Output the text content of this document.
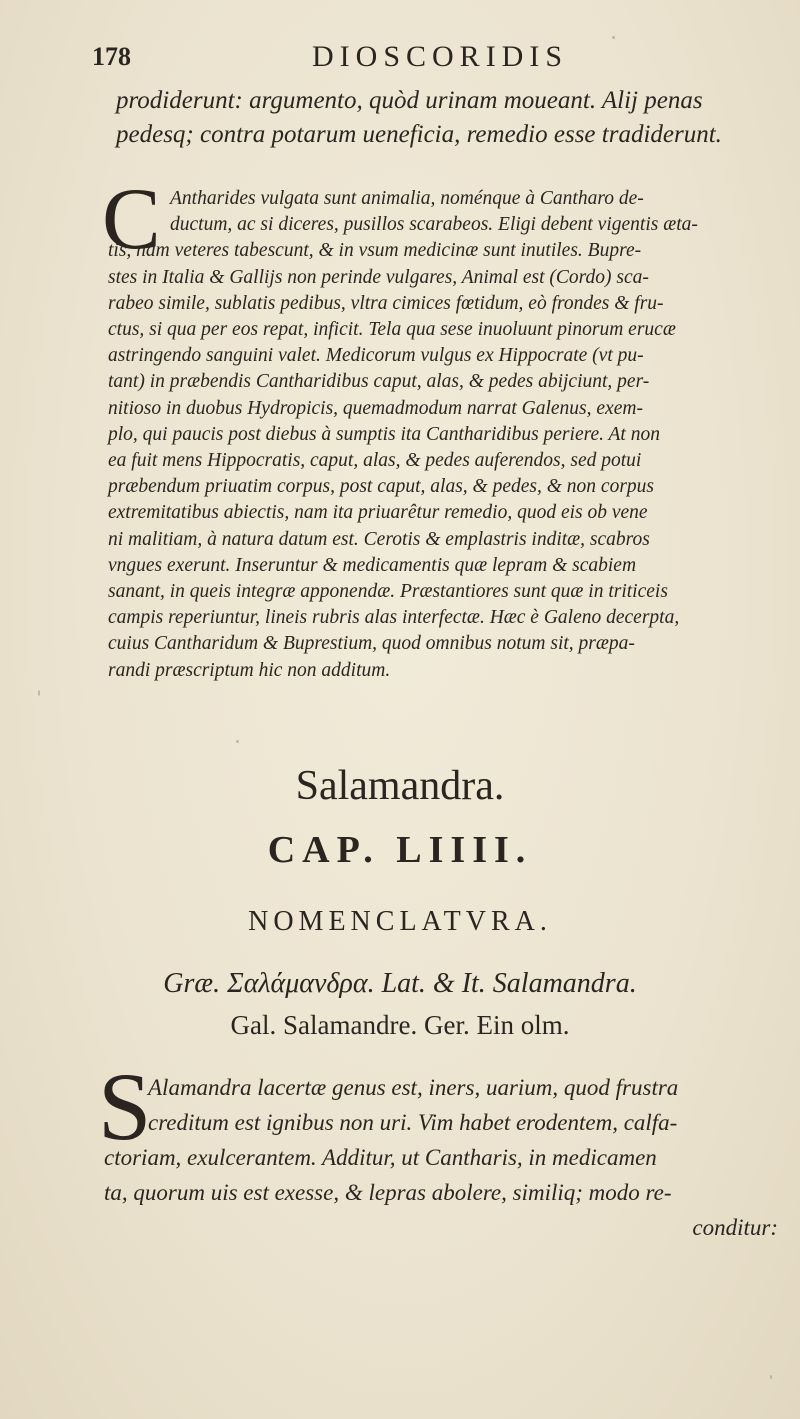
178	DIOSCORIDIS
prodiderunt: argumento, quòd urinam moueant. Alij penas
pedesq; contra potarum ueneficia, remedio esse tradiderunt.
C Antharides vulgata sunt animalia, noménque à Cantharo de-
ductum, ac si diceres, pusillos scarabeos. Eligi debent vigentis æta-
tis, nam veteres tabescunt, & in vsum medicinæ sunt inutiles. Bupre-
stes in Italia & Gallijs non perinde vulgares, Animal est (Cordo) sca-
rabeo simile, sublatis pedibus, vltra cimices fœtidum, eò frondes & fru-
ctus, si qua per eos repat, inficit. Tela qua sese inuoluunt pinorum erucæ
astringendo sanguini valet. Medicorum vulgus ex Hippocrate (vt pu-
tant) in præbendis Cantharidibus caput, alas, & pedes abijciunt, per-
nitioso in duobus Hydropicis, quemadmodum narrat Galenus, exem-
plo, qui paucis post diebus à sumptis ita Cantharidibus periere. At non
ea fuit mens Hippocratis, caput, alas, & pedes auferendos, sed potui
præbendum priuatim corpus, post caput, alas, & pedes, & non corpus
extremitatibus abiectis, nam ita priuarêtur remedio, quod eis ob vene
ni malitiam, à natura datum est. Cerotis & emplastris inditæ, scabros
vngues exerunt. Inseruntur & medicamentis quæ lepram & scabiem
sanant, in queis integræ apponendæ. Præstantiores sunt quæ in triticeis
campis reperiuntur, lineis rubris alas interfectæ. Hæc è Galeno decerpta,
cuius Cantharidum & Buprestium, quod omnibus notum sit, præpa-
randi præscriptum hic non additum.
Salamandra.
CAP. LIIII.
NOMENCLATVRA.
Græ. Σαλάμανδρα. Lat. & It. Salamandra.
Gal. Salamandre. Ger. Ein olm.
S
Alamandra lacertæ genus est, iners, uarium, quod frustra
creditum est ignibus non uri. Vim habet erodentem, calfa-
ctoriam, exulcerantem. Additur, ut Cantharis, in medicamen
ta, quorum uis est exesse, & lepras abolere, similiq; modo re-
conditur:
